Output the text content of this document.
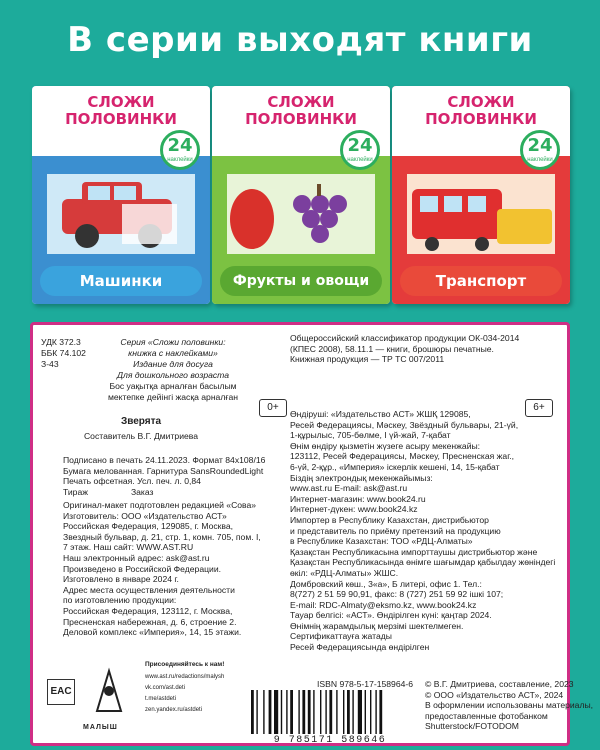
В серии выходят книги
СЛОЖИ
ПОЛОВИНКИ
24
наклейки
Машинки
СЛОЖИ
ПОЛОВИНКИ
24
наклейки
Фрукты и овощи
СЛОЖИ
ПОЛОВИНКИ
24
наклейки
Транспорт
УДК 372.3
ББК 74.102
З-43
Серия «Сложи половинки:
книжка с наклейками»
Издание для досуга
Для дошкольного возраста
Бос уақытқа арналған басылым
мектепке дейінгі жасқа арналған
0+	6+
Зверята
Составитель В.Г. Дмитриева
Общероссийский классификатор продукции ОК-034-2014
(КПЕС 2008), 58.11.1 — книги, брошюры печатные.
Книжная продукция — ТР ТС 007/2011
Подписано в печать 24.11.2023. Формат 84x108/16
Бумага мелованная. Гарнитура SansRoundedLight
Печать офсетная. Усл. печ. л. 0,84
Тираж                  Заказ
Оригинал-макет подготовлен редакцией «Сова»
Изготовитель: ООО «Издательство АСТ»
Российская Федерация, 129085, г. Москва,
Звездный бульвар, д. 21, стр. 1, комн. 705, пом. I,
7 этаж. Наш сайт: WWW.AST.RU
Наш электронный адрес: ask@ast.ru
Произведено в Российской Федерации.
Изготовлено в январе 2024 г.
Адрес места осуществления деятельности
по изготовлению продукции:
Российская Федерация, 123112, г. Москва,
Пресненская набережная, д. 6, строение 2.
Деловой комплекс «Империя», 14, 15 этажи.
Өндіруші: «Издательство АСТ» ЖШҚ 129085,
Ресей Федерациясы, Мәскеу, Звёздный бульвары, 21-үй,
1-құрылыс, 705-бөлме, I үй-жай, 7-қабат
Өнім өндіру қызметін жүзеге асыру мекенжайы:
123112, Ресей Федерациясы, Мәскеу, Пресненская жаг.,
6-үй, 2-құр., «Империя» іскерлік кешені, 14, 15-қабат
Біздің электрондық мекенжайымыз:
www.ast.ru E-mail: ask@ast.ru
Интернет-магазин: www.book24.ru
Интернет-дүкен: www.book24.kz
Импортер в Республику Казахстан, дистрибьютор
и представитель по приёму претензий на продукцию
в Республике Казахстан: ТОО «РДЦ-Алматы»
Қазақстан Республикасына импорттаушы дистрибьютор және
Қазақстан Республикасында өнімге шағымдар қабылдау жөніндегі
өкіл: «РДЦ-Алматы» ЖШС.
Домбровский көш., 3«а», Б литері, офис 1. Тел.:
8(727) 2 51 59 90,91, факс: 8 (727) 251 59 92 ішкі 107;
E-mail: RDC-Almaty@eksmo.kz, www.book24.kz
Тауар белгісі: «АСТ». Өндірілген күні: қаңтар 2024.
Өнімнің жарамдылық мерзімі шектелмеген.
Сертификаттауға жатады
Ресей Федерациясында өндірілген
ISBN 978-5-17-158964-6
9 785171 589646
© В.Г. Дмитриева, составление, 2023
© ООО «Издательство АСТ», 2024
В оформлении использованы материалы,
предоставленные фотобанком
Shutterstock/FOTODOM
EAC
МАЛЫШ
Присоединяйтесь к нам!
www.ast.ru/redactions/malysh
vk.com/ast.deti
t.me/astdeti
zen.yandex.ru/astdeti
